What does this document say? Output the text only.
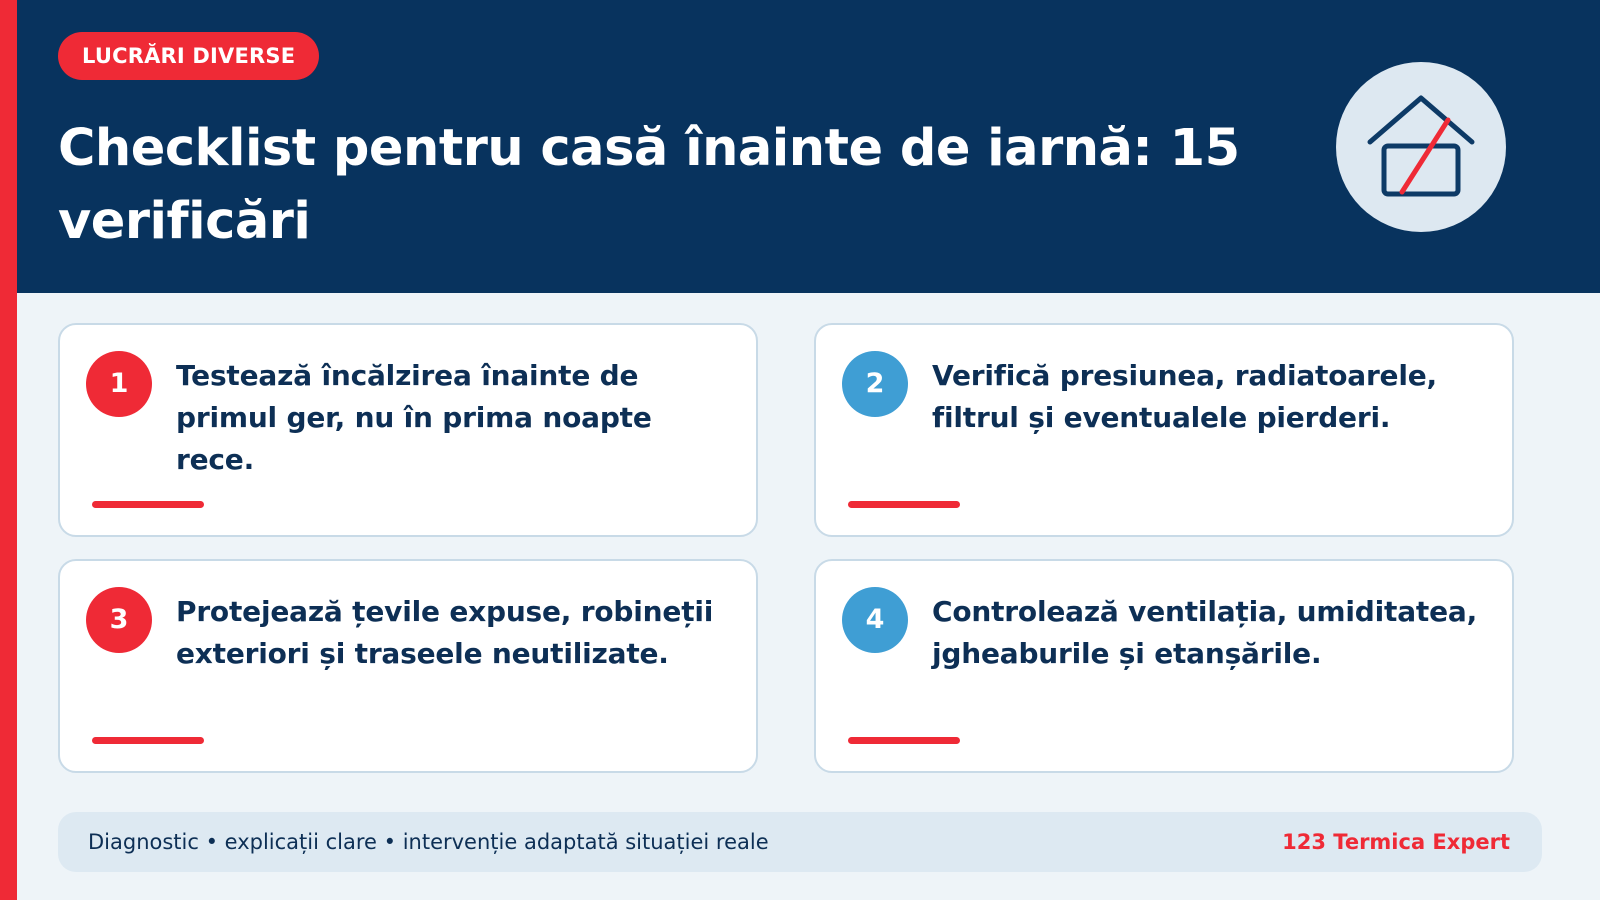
LUCRĂRI DIVERSE
Checklist pentru casă înainte de iarnă: 15 verificări
1	Testează încălzirea înainte de primul ger, nu în prima noapte rece.
2	Verifică presiunea, radiatoarele, filtrul și eventualele pierderi.
3	Protejează țevile expuse, robineții exteriori și traseele neutilizate.
4	Controlează ventilația, umiditatea, jgheaburile și etanșările.
Diagnostic • explicații clare • intervenție adaptată situației reale	123 Termica Expert
